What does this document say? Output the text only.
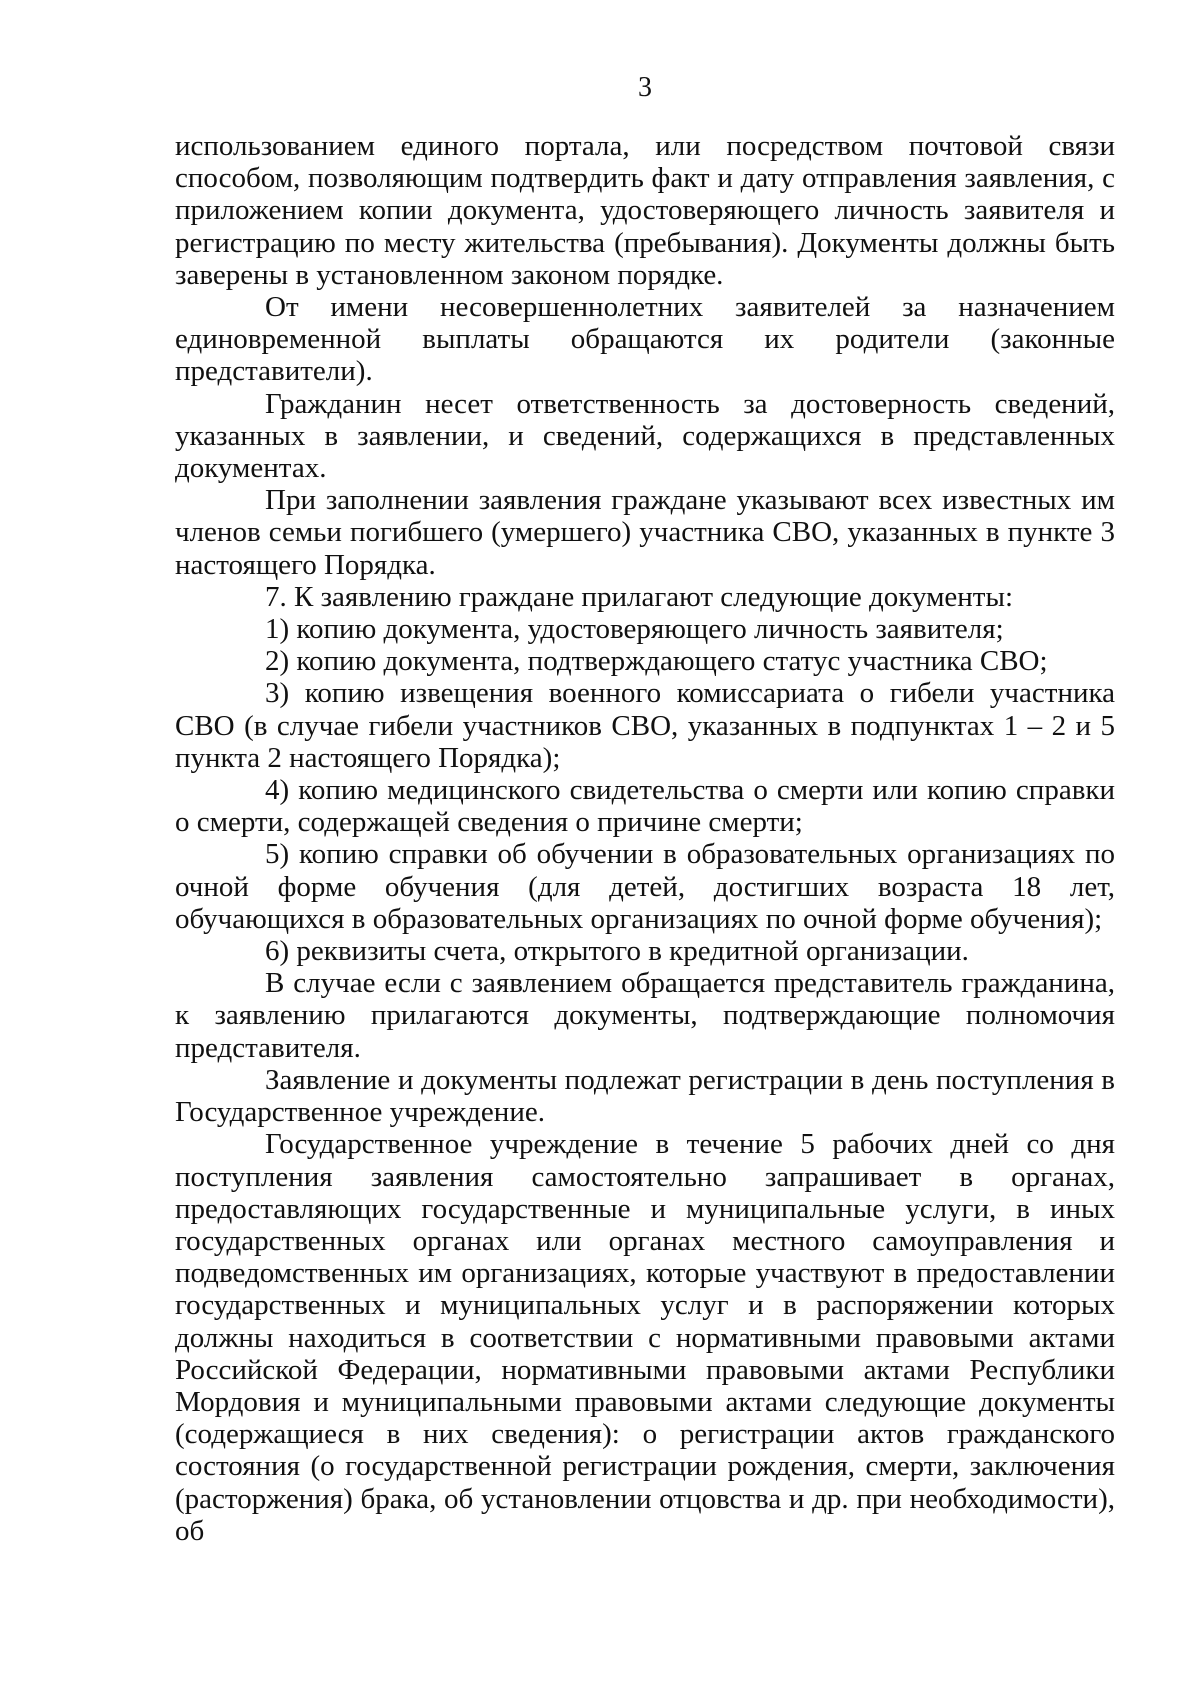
3

использованием единого портала, или посредством почтовой связи способом, позволяющим подтвердить факт и дату отправления заявления, с приложением копии документа, удостоверяющего личность заявителя и регистрацию по месту жительства (пребывания). Документы должны быть заверены в установленном законом порядке.

От имени несовершеннолетних заявителей за назначением единовременной выплаты обращаются их родители (законные представители).

Гражданин несет ответственность за достоверность сведений, указанных в заявлении, и сведений, содержащихся в представленных документах.

При заполнении заявления граждане указывают всех известных им членов семьи погибшего (умершего) участника СВО, указанных в пункте 3 настоящего Порядка.

7. К заявлению граждане прилагают следующие документы:

1) копию документа, удостоверяющего личность заявителя;

2) копию документа, подтверждающего статус участника СВО;

3) копию извещения военного комиссариата о гибели участника СВО (в случае гибели участников СВО, указанных в подпунктах 1 – 2 и 5 пункта 2 настоящего Порядка);

4) копию медицинского свидетельства о смерти или копию справки о смерти, содержащей сведения о причине смерти;

5) копию справки об обучении в образовательных организациях по очной форме обучения (для детей, достигших возраста 18 лет, обучающихся в образовательных организациях по очной форме обучения);

6) реквизиты счета, открытого в кредитной организации.

В случае если с заявлением обращается представитель гражданина, к заявлению прилагаются документы, подтверждающие полномочия представителя.

Заявление и документы подлежат регистрации в день поступления в Государственное учреждение.

Государственное учреждение в течение 5 рабочих дней со дня поступления заявления самостоятельно запрашивает в органах, предоставляющих государственные и муниципальные услуги, в иных государственных органах или органах местного самоуправления и подведомственных им организациях, которые участвуют в предоставлении государственных и муниципальных услуг и в распоряжении которых должны находиться в соответствии с нормативными правовыми актами Российской Федерации, нормативными правовыми актами Республики Мордовия и муниципальными правовыми актами следующие документы (содержащиеся в них сведения): о регистрации актов гражданского состояния (о государственной регистрации рождения, смерти, заключения (расторжения) брака, об установлении отцовства и др. при необходимости), об
